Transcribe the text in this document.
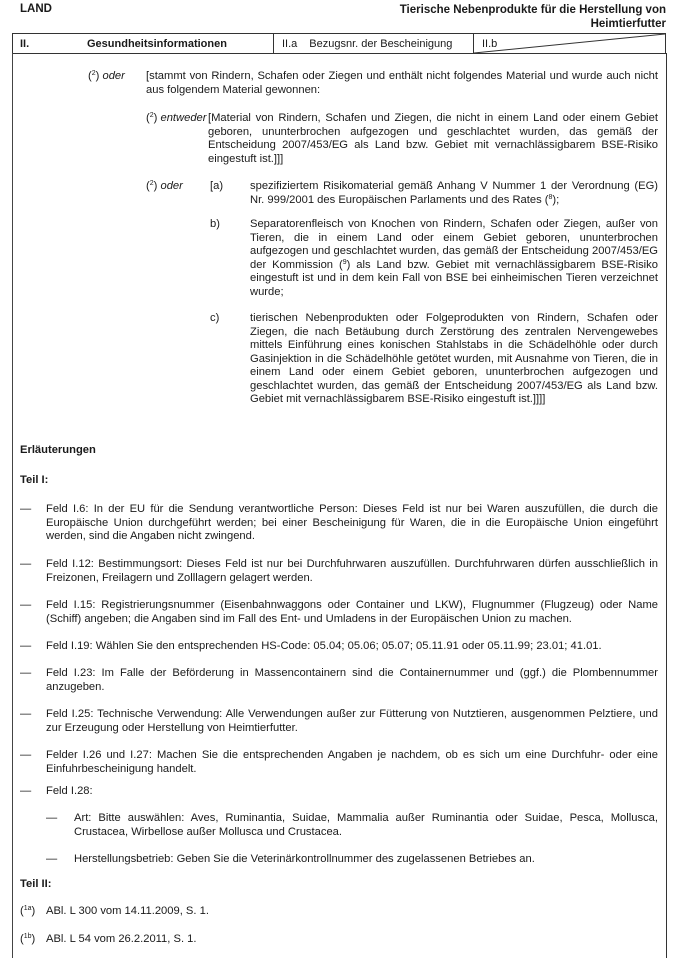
LAND	Tierische Nebenprodukte für die Herstellung von Heimtierfutter
II.	Gesundheitsinformationen	II.a Bezugsnr. der Bescheinigung	II.b
($^2$) oder [stammt von Rindern, Schafen oder Ziegen und enthält nicht folgendes Material und wurde auch nicht aus folgendem Material gewonnen:
($^2$) entweder [Material von Rindern, Schafen und Ziegen, die nicht in einem Land oder einem Gebiet geboren, ununterbrochen aufgezogen und geschlachtet wurden, das gemäß der Entscheidung 2007/453/EG als Land bzw. Gebiet mit vernachlässigbarem BSE-Risiko eingestuft ist.]]]
($^2$) oder [a) spezifiziertem Risikomaterial gemäß Anhang V Nummer 1 der Verordnung (EG) Nr. 999/2001 des Europäischen Parlaments und des Rates ($^8$);
b)	Separatorenfleisch von Knochen von Rindern, Schafen oder Ziegen, außer von Tieren, die in einem Land oder einem Gebiet geboren, ununterbrochen aufgezogen und geschlachtet wurden, das gemäß der Entscheidung 2007/453/EG der Kommission ($^9$) als Land bzw. Gebiet mit vernachlässigbarem BSE-Risiko eingestuft ist und in dem kein Fall von BSE bei einheimischen Tieren verzeichnet wurde;
c)	tierischen Nebenprodukten oder Folgeprodukten von Rindern, Schafen oder Ziegen, die nach Betäubung durch Zerstörung des zentralen Nervengewebes mittels Einführung eines konischen Stahlstabs in die Schädelhöhle oder durch Gasinjektion in die Schädelhöhle getötet wurden, mit Ausnahme von Tieren, die in einem Land oder einem Gebiet geboren, ununterbrochen aufgezogen und geschlachtet wurden, das gemäß der Entscheidung 2007/453/EG als Land bzw. Gebiet mit vernachlässigbarem BSE-Risiko eingestuft ist.]]]]
Erläuterungen
Teil I:
— Feld I.6: In der EU für die Sendung verantwortliche Person: Dieses Feld ist nur bei Waren auszufüllen, die durch die Europäische Union durchgeführt werden; bei einer Bescheinigung für Waren, die in die Europäische Union eingeführt werden, sind die Angaben nicht zwingend.
— Feld I.12: Bestimmungsort: Dieses Feld ist nur bei Durchfuhrwaren auszufüllen. Durchfuhrwaren dürfen ausschließlich in Freizonen, Freilagern und Zolllagern gelagert werden.
— Feld I.15: Registrierungsnummer (Eisenbahnwaggons oder Container und LKW), Flugnummer (Flugzeug) oder Name (Schiff) angeben; die Angaben sind im Fall des Ent- und Umladens in der Europäischen Union zu machen.
— Feld I.19: Wählen Sie den entsprechenden HS-Code: 05.04; 05.06; 05.07; 05.11.91 oder 05.11.99; 23.01; 41.01.
— Feld I.23: Im Falle der Beförderung in Massencontainern sind die Containernummer und (ggf.) die Plombennummer anzugeben.
— Feld I.25: Technische Verwendung: Alle Verwendungen außer zur Fütterung von Nutztieren, ausgenommen Pelztiere, und zur Erzeugung oder Herstellung von Heimtierfutter.
— Felder I.26 und I.27: Machen Sie die entsprechenden Angaben je nachdem, ob es sich um eine Durchfuhr- oder eine Einfuhrbescheinigung handelt.
— Feld I.28:
— Art: Bitte auswählen: Aves, Ruminantia, Suidae, Mammalia außer Ruminantia oder Suidae, Pesca, Mollusca, Crustacea, Wirbellose außer Mollusca und Crustacea.
— Herstellungsbetrieb: Geben Sie die Veterinärkontrollnummer des zugelassenen Betriebes an.
Teil II:
($^{1a}$) ABl. L 300 vom 14.11.2009, S. 1.
($^{1b}$) ABl. L 54 vom 26.2.2011, S. 1.
